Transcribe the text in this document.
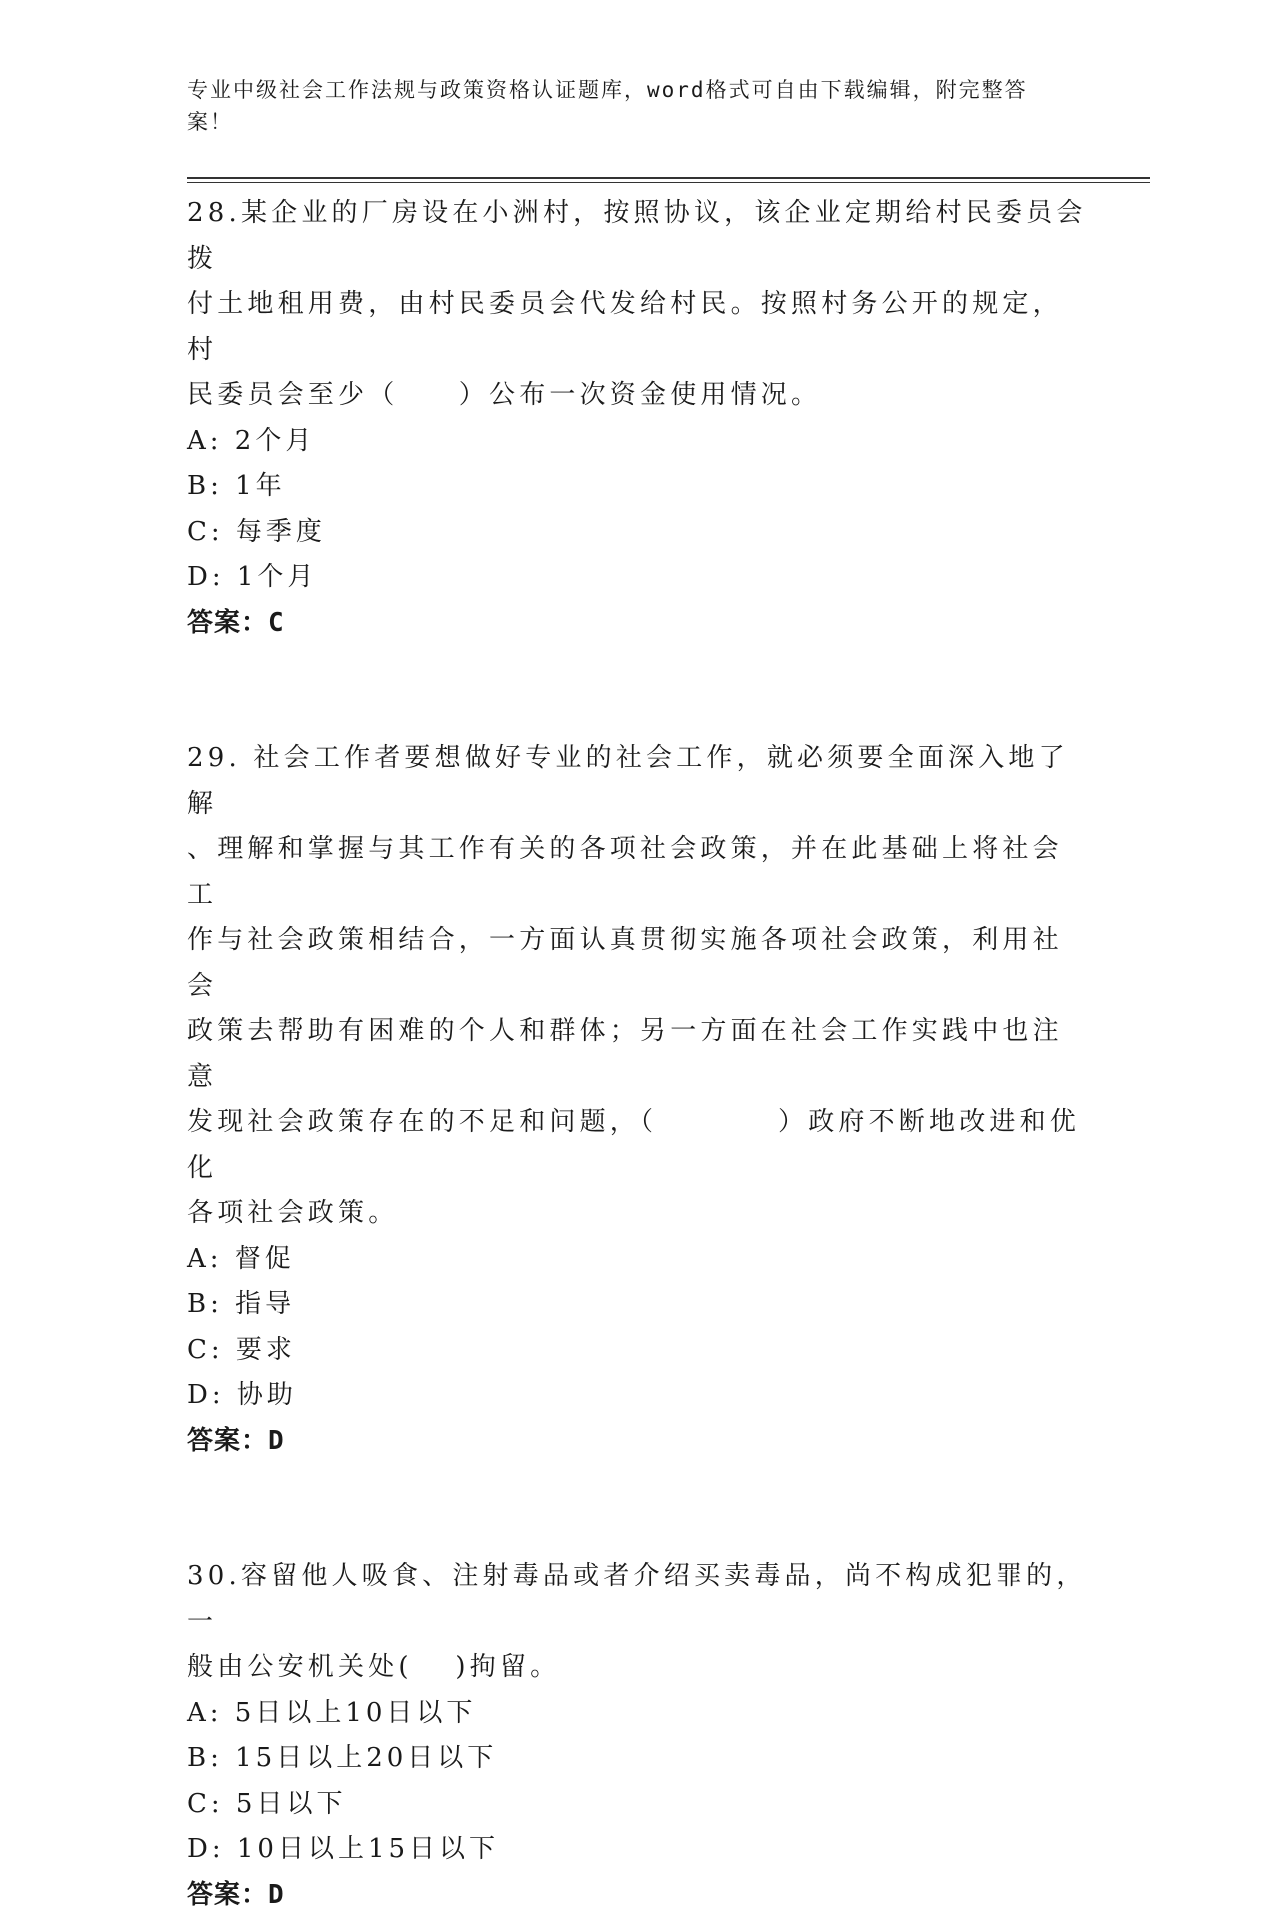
专业中级社会工作法规与政策资格认证题库，word格式可自由下载编辑，附完整答案！
28.某企业的厂房设在小洲村，按照协议，该企业定期给村民委员会拨
付土地租用费，由村民委员会代发给村民。按照村务公开的规定，村
民委员会至少（　　）公布一次资金使用情况。
A: 2个月
B: 1年
C: 每季度
D: 1个月
答案：C
29. 社会工作者要想做好专业的社会工作，就必须要全面深入地了解
、理解和掌握与其工作有关的各项社会政策，并在此基础上将社会工
作与社会政策相结合，一方面认真贯彻实施各项社会政策，利用社会
政策去帮助有困难的个人和群体；另一方面在社会工作实践中也注意
发现社会政策存在的不足和问题，（　　　　）政府不断地改进和优化
各项社会政策。
A: 督促
B: 指导
C: 要求
D: 协助
答案：D
30.容留他人吸食、注射毒品或者介绍买卖毒品，尚不构成犯罪的，一
般由公安机关处(　 )拘留。
A: 5日以上10日以下
B: 15日以上20日以下
C: 5日以下
D: 10日以上15日以下
答案：D
